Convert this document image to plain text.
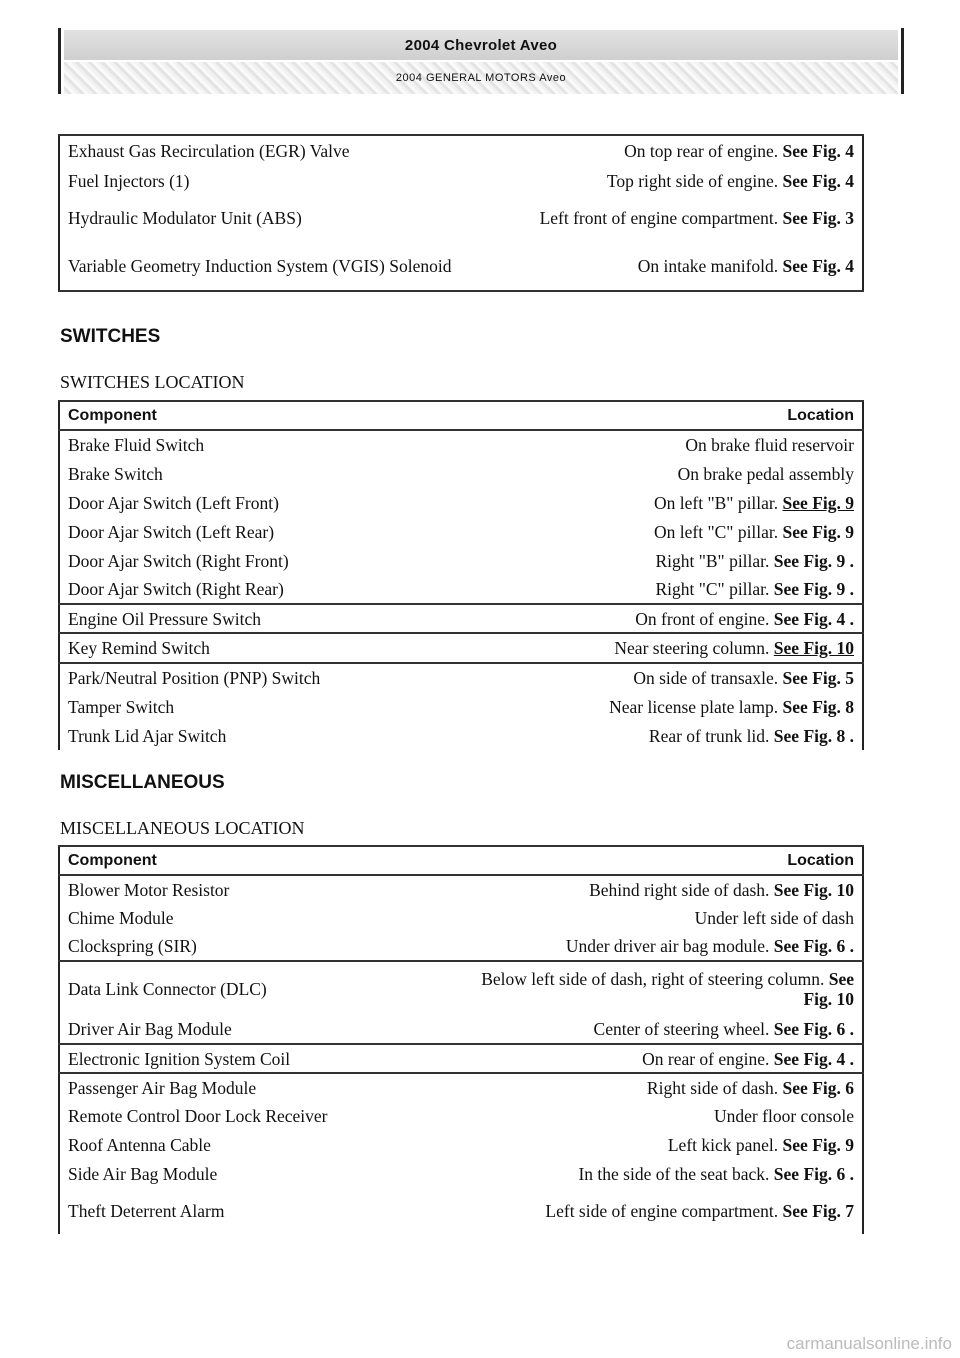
2004 Chevrolet Aveo
2004 GENERAL MOTORS Aveo
Exhaust Gas Recirculation (EGR) Valve	On top rear of engine. See Fig. 4
Fuel Injectors (1)	Top right side of engine. See Fig. 4
Hydraulic Modulator Unit (ABS)	Left front of engine compartment. See Fig. 3
Variable Geometry Induction System (VGIS) Solenoid	On intake manifold. See Fig. 4
SWITCHES
SWITCHES LOCATION
Component	Location
Brake Fluid Switch	On brake fluid reservoir
Brake Switch	On brake pedal assembly
Door Ajar Switch (Left Front)	On left "B" pillar. See Fig. 9
Door Ajar Switch (Left Rear)	On left "C" pillar. See Fig. 9
Door Ajar Switch (Right Front)	Right "B" pillar. See Fig. 9 .
Door Ajar Switch (Right Rear)	Right "C" pillar. See Fig. 9 .
Engine Oil Pressure Switch	On front of engine. See Fig. 4 .
Key Remind Switch	Near steering column. See Fig. 10
Park/Neutral Position (PNP) Switch	On side of transaxle. See Fig. 5
Tamper Switch	Near license plate lamp. See Fig. 8
Trunk Lid Ajar Switch	Rear of trunk lid. See Fig. 8 .
MISCELLANEOUS
MISCELLANEOUS LOCATION
Component	Location
Blower Motor Resistor	Behind right side of dash. See Fig. 10
Chime Module	Under left side of dash
Clockspring (SIR)	Under driver air bag module. See Fig. 6 .
Data Link Connector (DLC)	Below left side of dash, right of steering column. See Fig. 10
Driver Air Bag Module	Center of steering wheel. See Fig. 6 .
Electronic Ignition System Coil	On rear of engine. See Fig. 4 .
Passenger Air Bag Module	Right side of dash. See Fig. 6
Remote Control Door Lock Receiver	Under floor console
Roof Antenna Cable	Left kick panel. See Fig. 9
Side Air Bag Module	In the side of the seat back. See Fig. 6 .
Theft Deterrent Alarm	Left side of engine compartment. See Fig. 7
carmanualsonline.info
